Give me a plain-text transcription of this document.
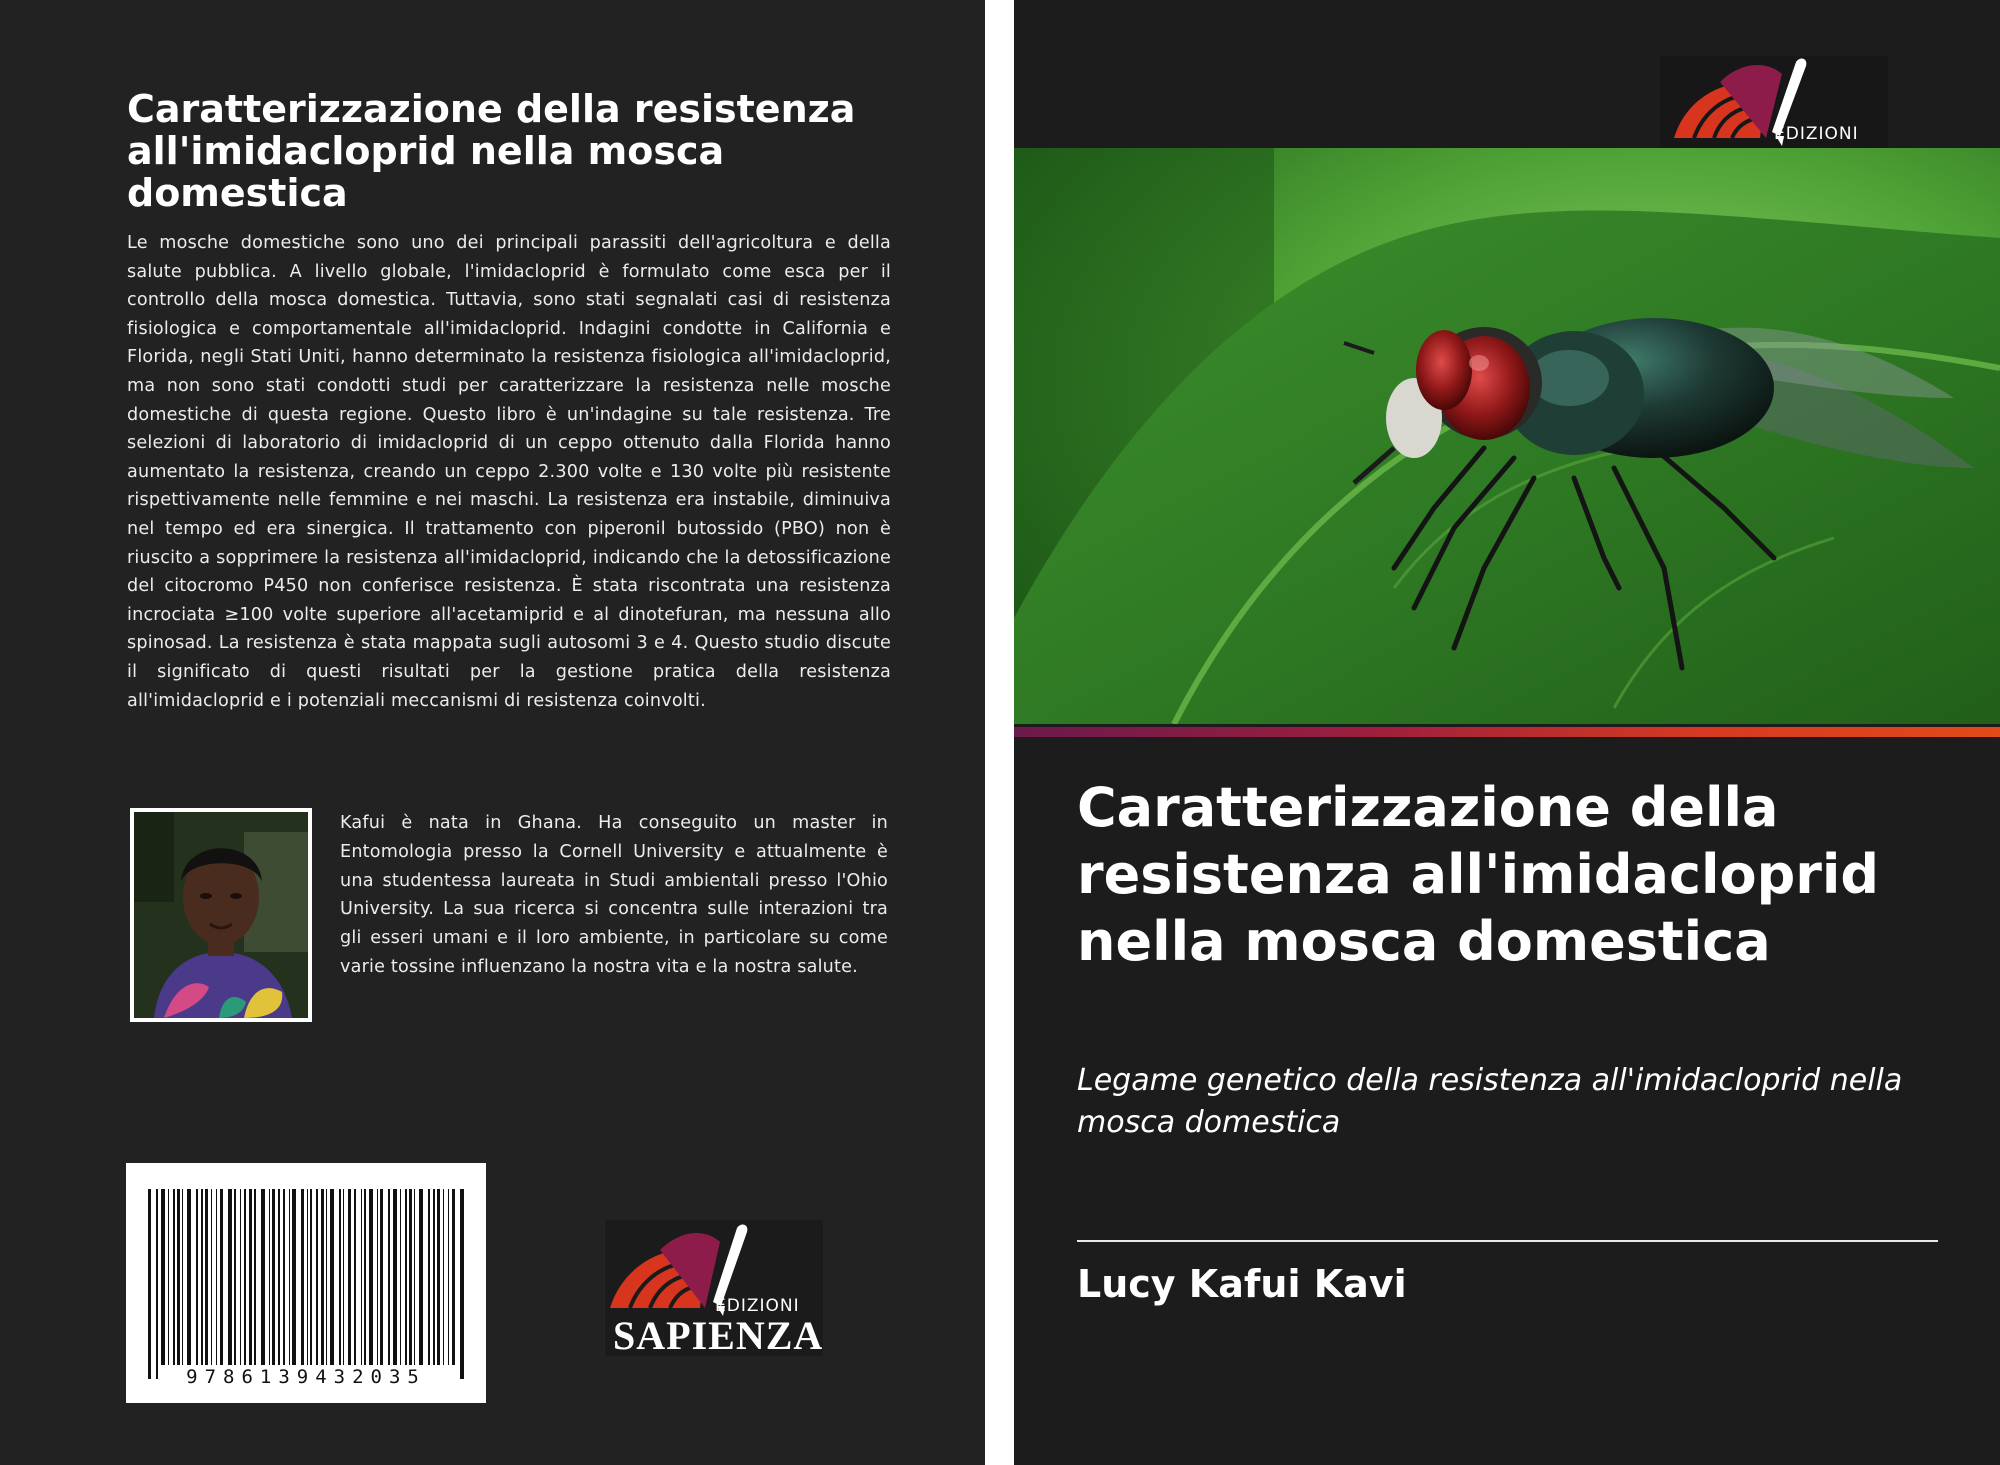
Caratterizzazione della resistenza all'imidacloprid nella mosca domestica
Le mosche domestiche sono uno dei principali parassiti dell'agricoltura e della salute pubblica. A livello globale, l'imidacloprid è formulato come esca per il controllo della mosca domestica. Tuttavia, sono stati segnalati casi di resistenza fisiologica e comportamentale all'imidacloprid. Indagini condotte in California e Florida, negli Stati Uniti, hanno determinato la resistenza fisiologica all'imidacloprid, ma non sono stati condotti studi per caratterizzare la resistenza nelle mosche domestiche di questa regione. Questo libro è un'indagine su tale resistenza. Tre selezioni di laboratorio di imidacloprid di un ceppo ottenuto dalla Florida hanno aumentato la resistenza, creando un ceppo 2.300 volte e 130 volte più resistente rispettivamente nelle femmine e nei maschi. La resistenza era instabile, diminuiva nel tempo ed era sinergica. Il trattamento con piperonil butossido (PBO) non è riuscito a sopprimere la resistenza all'imidacloprid, indicando che la detossificazione del citocromo P450 non conferisce resistenza. È stata riscontrata una resistenza incrociata ≥100 volte superiore all'acetamiprid e al dinotefuran, ma nessuna allo spinosad. La resistenza è stata mappata sugli autosomi 3 e 4. Questo studio discute il significato di questi risultati per la gestione pratica della resistenza all'imidacloprid e i potenziali meccanismi di resistenza coinvolti.
Kafui è nata in Ghana. Ha conseguito un master in Entomologia presso la Cornell University e attualmente è una studentessa laureata in Studi ambientali presso l'Ohio University. La sua ricerca si concentra sulle interazioni tra gli esseri umani e il loro ambiente, in particolare su come varie tossine influenzano la nostra vita e la nostra salute.
9786139432035
EDIZIONI
SAPIENZA
EDIZIONI
Caratterizzazione della resistenza all'imidacloprid nella mosca domestica
Legame genetico della resistenza all'imidacloprid nella mosca domestica
Lucy Kafui Kavi
